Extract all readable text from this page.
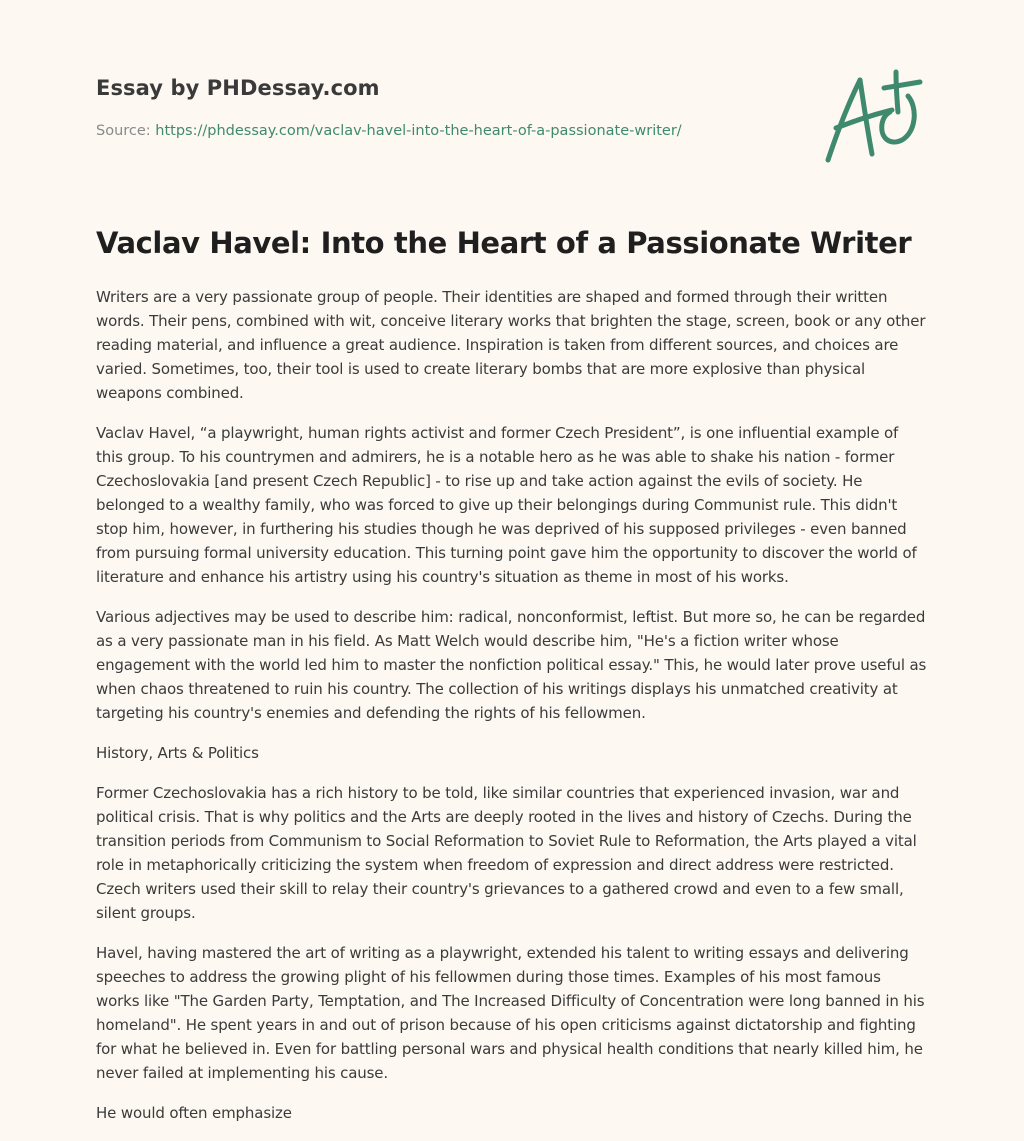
Essay by PHDessay.com
Source: https://phdessay.com/vaclav-havel-into-the-heart-of-a-passionate-writer/
Vaclav Havel: Into the Heart of a Passionate Writer

Writers are a very passionate group of people. Their identities are shaped and formed through their written words. Their pens, combined with wit, conceive literary works that brighten the stage, screen, book or any other reading material, and influence a great audience. Inspiration is taken from different sources, and choices are varied. Sometimes, too, their tool is used to create literary bombs that are more explosive than physical weapons combined.

Vaclav Havel, “a playwright, human rights activist and former Czech President”, is one influential example of this group. To his countrymen and admirers, he is a notable hero as he was able to shake his nation - former Czechoslovakia [and present Czech Republic] - to rise up and take action against the evils of society. He belonged to a wealthy family, who was forced to give up their belongings during Communist rule. This didn't stop him, however, in furthering his studies though he was deprived of his supposed privileges - even banned from pursuing formal university education. This turning point gave him the opportunity to discover the world of literature and enhance his artistry using his country's situation as theme in most of his works.

Various adjectives may be used to describe him: radical, nonconformist, leftist. But more so, he can be regarded as a very passionate man in his field. As Matt Welch would describe him, "He's a fiction writer whose engagement with the world led him to master the nonfiction political essay." This, he would later prove useful as when chaos threatened to ruin his country. The collection of his writings displays his unmatched creativity at targeting his country's enemies and defending the rights of his fellowmen.

History, Arts & Politics

Former Czechoslovakia has a rich history to be told, like similar countries that experienced invasion, war and political crisis. That is why politics and the Arts are deeply rooted in the lives and history of Czechs. During the transition periods from Communism to Social Reformation to Soviet Rule to Reformation, the Arts played a vital role in metaphorically criticizing the system when freedom of expression and direct address were restricted. Czech writers used their skill to relay their country's grievances to a gathered crowd and even to a few small, silent groups.

Havel, having mastered the art of writing as a playwright, extended his talent to writing essays and delivering speeches to address the growing plight of his fellowmen during those times. Examples of his most famous works like "The Garden Party, Temptation, and The Increased Difficulty of Concentration were long banned in his homeland". He spent years in and out of prison because of his open criticisms against dictatorship and fighting for what he believed in. Even for battling personal wars and physical health conditions that nearly killed him, he never failed at implementing his cause.

He would often emphasize
